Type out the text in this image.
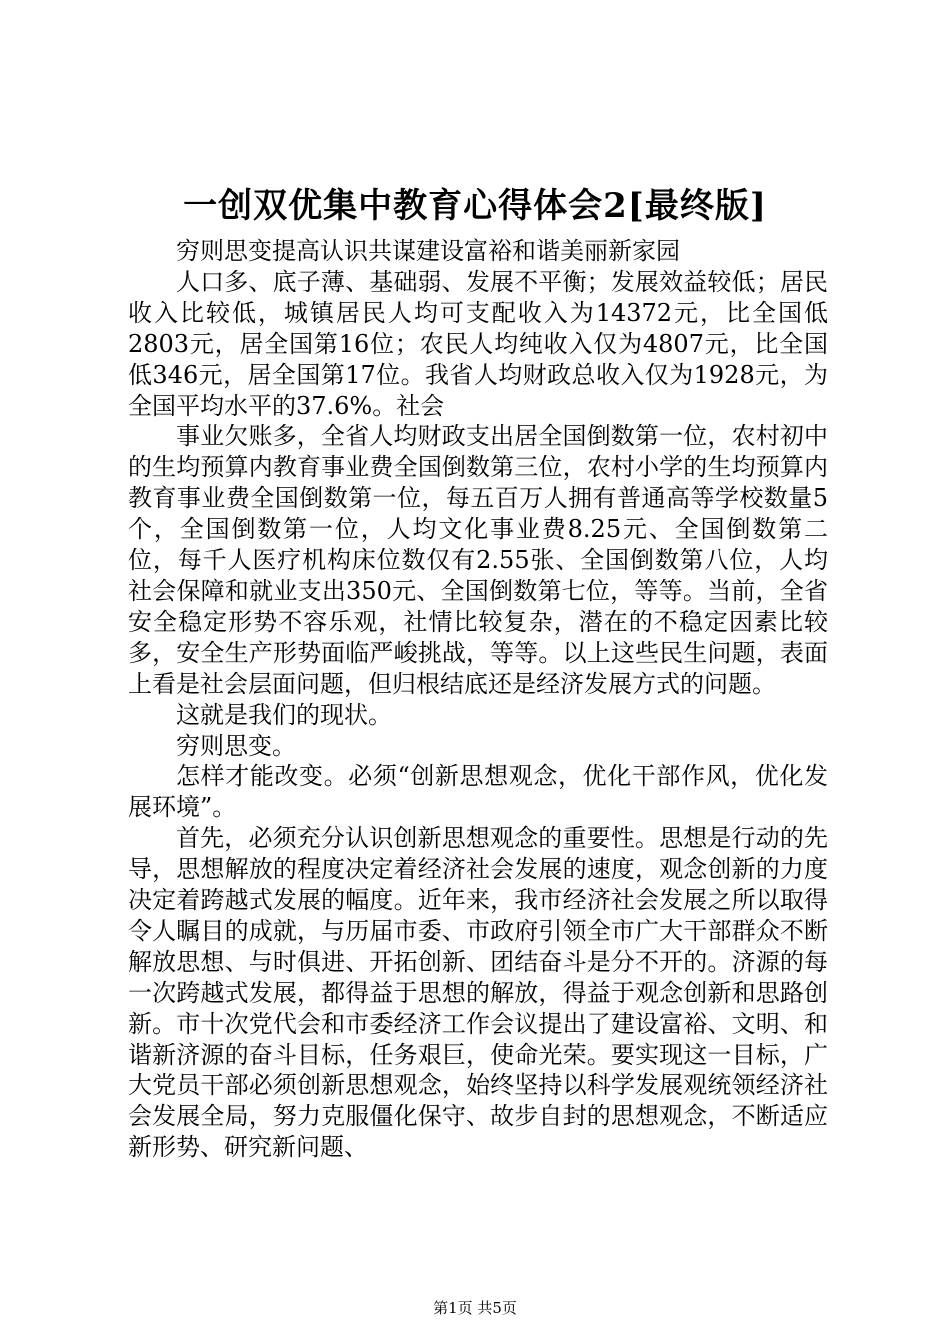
一创双优集中教育心得体会2[最终版]

穷则思变提高认识共谋建设富裕和谐美丽新家园

人口多、底子薄、基础弱、发展不平衡；发展效益较低；居民收入比较低，城镇居民人均可支配收入为14372元，比全国低2803元，居全国第16位；农民人均纯收入仅为4807元，比全国低346元，居全国第17位。我省人均财政总收入仅为1928元，为全国平均水平的37.6%。社会

事业欠账多，全省人均财政支出居全国倒数第一位，农村初中的生均预算内教育事业费全国倒数第三位，农村小学的生均预算内教育事业费全国倒数第一位，每五百万人拥有普通高等学校数量5个，全国倒数第一位，人均文化事业费8.25元、全国倒数第二位，每千人医疗机构床位数仅有2.55张、全国倒数第八位，人均社会保障和就业支出350元、全国倒数第七位，等等。当前，全省安全稳定形势不容乐观，社情比较复杂，潜在的不稳定因素比较多，安全生产形势面临严峻挑战，等等。以上这些民生问题，表面上看是社会层面问题，但归根结底还是经济发展方式的问题。

这就是我们的现状。

穷则思变。

怎样才能改变。必须“创新思想观念，优化干部作风，优化发展环境”。

首先，必须充分认识创新思想观念的重要性。思想是行动的先导，思想解放的程度决定着经济社会发展的速度，观念创新的力度决定着跨越式发展的幅度。近年来，我市经济社会发展之所以取得令人瞩目的成就，与历届市委、市政府引领全市广大干部群众不断解放思想、与时俱进、开拓创新、团结奋斗是分不开的。济源的每一次跨越式发展，都得益于思想的解放，得益于观念创新和思路创新。市十次党代会和市委经济工作会议提出了建设富裕、文明、和谐新济源的奋斗目标，任务艰巨，使命光荣。要实现这一目标，广大党员干部必须创新思想观念，始终坚持以科学发展观统领经济社会发展全局，努力克服僵化保守、故步自封的思想观念，不断适应新形势、研究新问题、

第1页 共5页
